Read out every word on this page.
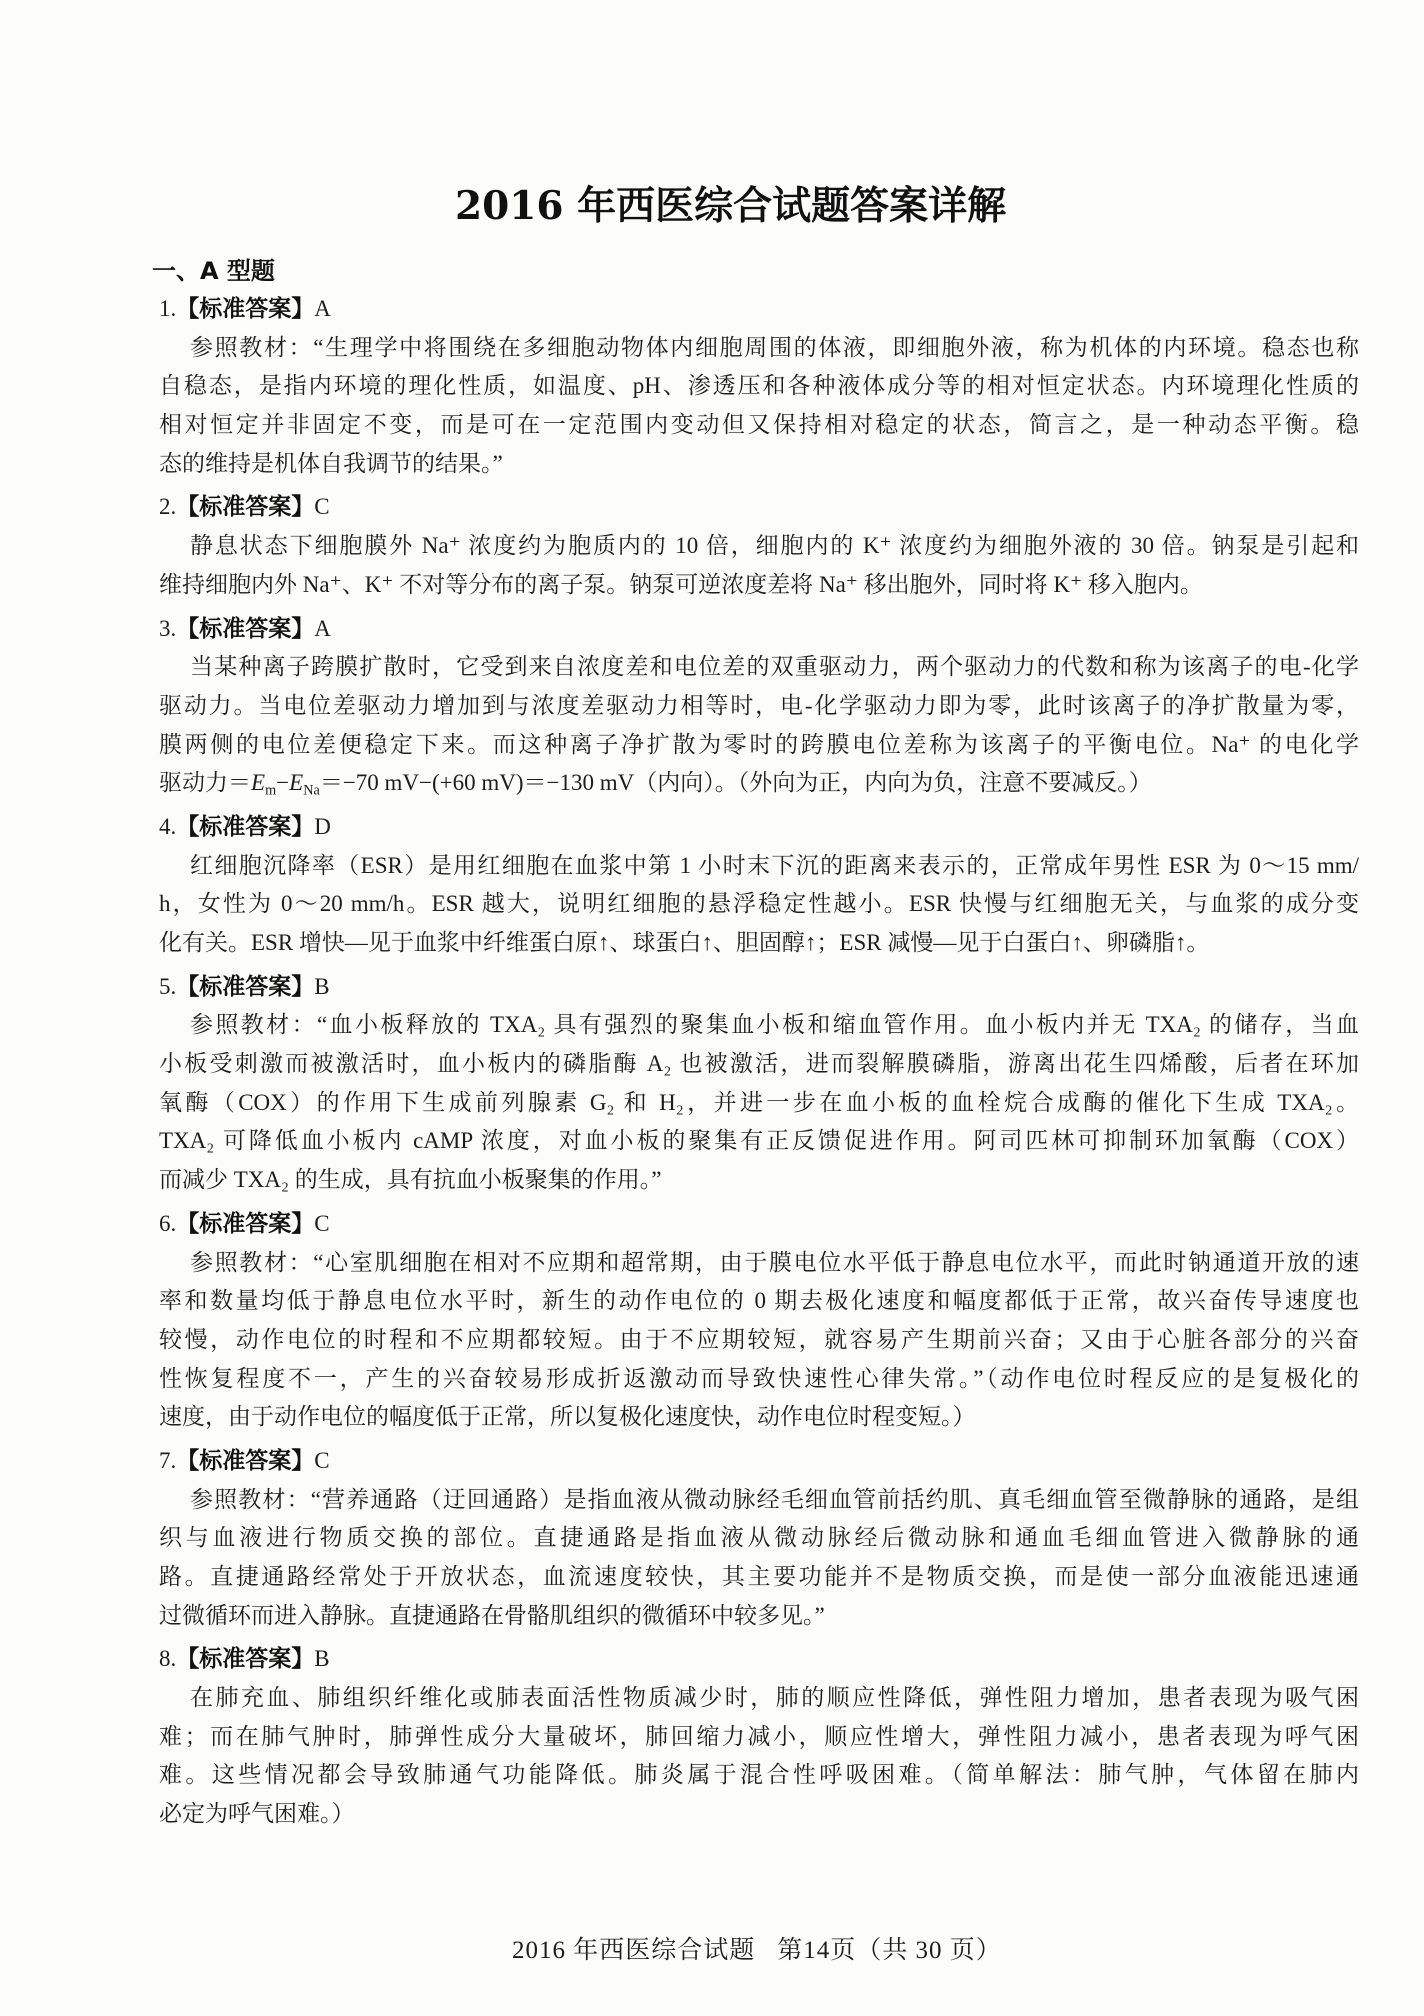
2016 年西医综合试题答案详解
一、A 型题
1.【标准答案】A
参照教材：“生理学中将围绕在多细胞动物体内细胞周围的体液，即细胞外液，称为机体的内环境。稳态也称
自稳态，是指内环境的理化性质，如温度、pH、渗透压和各种液体成分等的相对恒定状态。内环境理化性质的
相对恒定并非固定不变，而是可在一定范围内变动但又保持相对稳定的状态，简言之，是一种动态平衡。稳
态的维持是机体自我调节的结果。”
2.【标准答案】C
静息状态下细胞膜外 Na⁺ 浓度约为胞质内的 10 倍，细胞内的 K⁺ 浓度约为细胞外液的 30 倍。钠泵是引起和
维持细胞内外 Na⁺、K⁺ 不对等分布的离子泵。钠泵可逆浓度差将 Na⁺ 移出胞外，同时将 K⁺ 移入胞内。
3.【标准答案】A
当某种离子跨膜扩散时，它受到来自浓度差和电位差的双重驱动力，两个驱动力的代数和称为该离子的电-化学
驱动力。当电位差驱动力增加到与浓度差驱动力相等时，电-化学驱动力即为零，此时该离子的净扩散量为零，
膜两侧的电位差便稳定下来。而这种离子净扩散为零时的跨膜电位差称为该离子的平衡电位。Na⁺ 的电化学
驱动力$=E_m-E_{Na}=-70$ mV−(+60 mV)＝−130 mV（内向）。（外向为正，内向为负，注意不要减反。）
4.【标准答案】D
红细胞沉降率（ESR）是用红细胞在血浆中第 1 小时末下沉的距离来表示的，正常成年男性 ESR 为 0～15 mm/
h，女性为 0～20 mm/h。ESR 越大，说明红细胞的悬浮稳定性越小。ESR 快慢与红细胞无关，与血浆的成分变
化有关。ESR 增快—见于血浆中纤维蛋白原↑、球蛋白↑、胆固醇↑；ESR 减慢—见于白蛋白↑、卵磷脂↑。
5.【标准答案】B
参照教材：“血小板释放的 TXA₂ 具有强烈的聚集血小板和缩血管作用。血小板内并无 TXA₂ 的储存，当血
小板受刺激而被激活时，血小板内的磷脂酶 A₂ 也被激活，进而裂解膜磷脂，游离出花生四烯酸，后者在环加
氧酶（COX）的作用下生成前列腺素 G₂ 和 H₂，并进一步在血小板的血栓烷合成酶的催化下生成 TXA₂。
TXA₂ 可降低血小板内 cAMP 浓度，对血小板的聚集有正反馈促进作用。阿司匹林可抑制环加氧酶（COX）
而减少 TXA₂ 的生成，具有抗血小板聚集的作用。”
6.【标准答案】C
参照教材：“心室肌细胞在相对不应期和超常期，由于膜电位水平低于静息电位水平，而此时钠通道开放的速
率和数量均低于静息电位水平时，新生的动作电位的 0 期去极化速度和幅度都低于正常，故兴奋传导速度也
较慢，动作电位的时程和不应期都较短。由于不应期较短，就容易产生期前兴奋；又由于心脏各部分的兴奋
性恢复程度不一，产生的兴奋较易形成折返激动而导致快速性心律失常。”（动作电位时程反应的是复极化的
速度，由于动作电位的幅度低于正常，所以复极化速度快，动作电位时程变短。）
7.【标准答案】C
参照教材：“营养通路（迂回通路）是指血液从微动脉经毛细血管前括约肌、真毛细血管至微静脉的通路，是组
织与血液进行物质交换的部位。直捷通路是指血液从微动脉经后微动脉和通血毛细血管进入微静脉的通
路。直捷通路经常处于开放状态，血流速度较快，其主要功能并不是物质交换，而是使一部分血液能迅速通
过微循环而进入静脉。直捷通路在骨骼肌组织的微循环中较多见。”
8.【标准答案】B
在肺充血、肺组织纤维化或肺表面活性物质减少时，肺的顺应性降低，弹性阻力增加，患者表现为吸气困
难；而在肺气肿时，肺弹性成分大量破坏，肺回缩力减小，顺应性增大，弹性阻力减小，患者表现为呼气困
难。这些情况都会导致肺通气功能降低。肺炎属于混合性呼吸困难。（简单解法：肺气肿，气体留在肺内
必定为呼气困难。）
2016 年西医综合试题 第14页（共 30 页）
